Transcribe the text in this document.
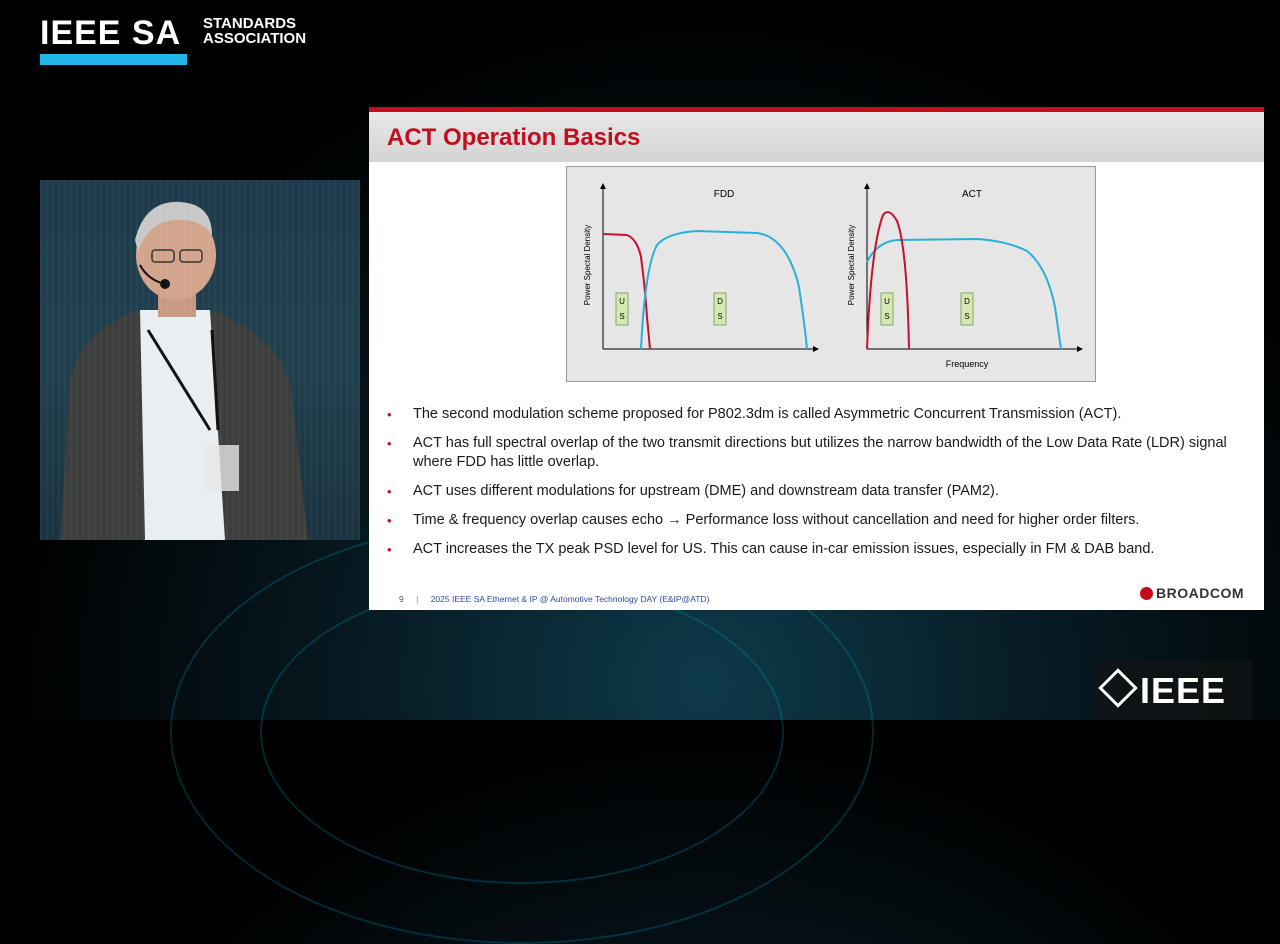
IEEE SA STANDARDS
ASSOCIATION
ACT Operation Basics
FDD
Power Spectal Density	U
S
D
S
ACT
Power Spectal Density
Frequency
U
S
D
S
• The second modulation scheme proposed for P802.3dm is called Asymmetric Concurrent Transmission (ACT).
• ACT has full spectral overlap of the two transmit directions but utilizes the narrow bandwidth of the Low Data Rate (LDR) signal where FDD has little overlap.
• ACT uses different modulations for upstream (DME) and downstream data transfer (PAM2).
• Time & frequency overlap causes echo → Performance loss without cancellation and need for higher order filters.
• ACT increases the TX peak PSD level for US. This can cause in-car emission issues, especially in FM & DAB band.
9 | 2025 IEEE SA Ethernet & IP @ Automotive Technology DAY (E&IP@ATD)	BROADCOM
IEEE
